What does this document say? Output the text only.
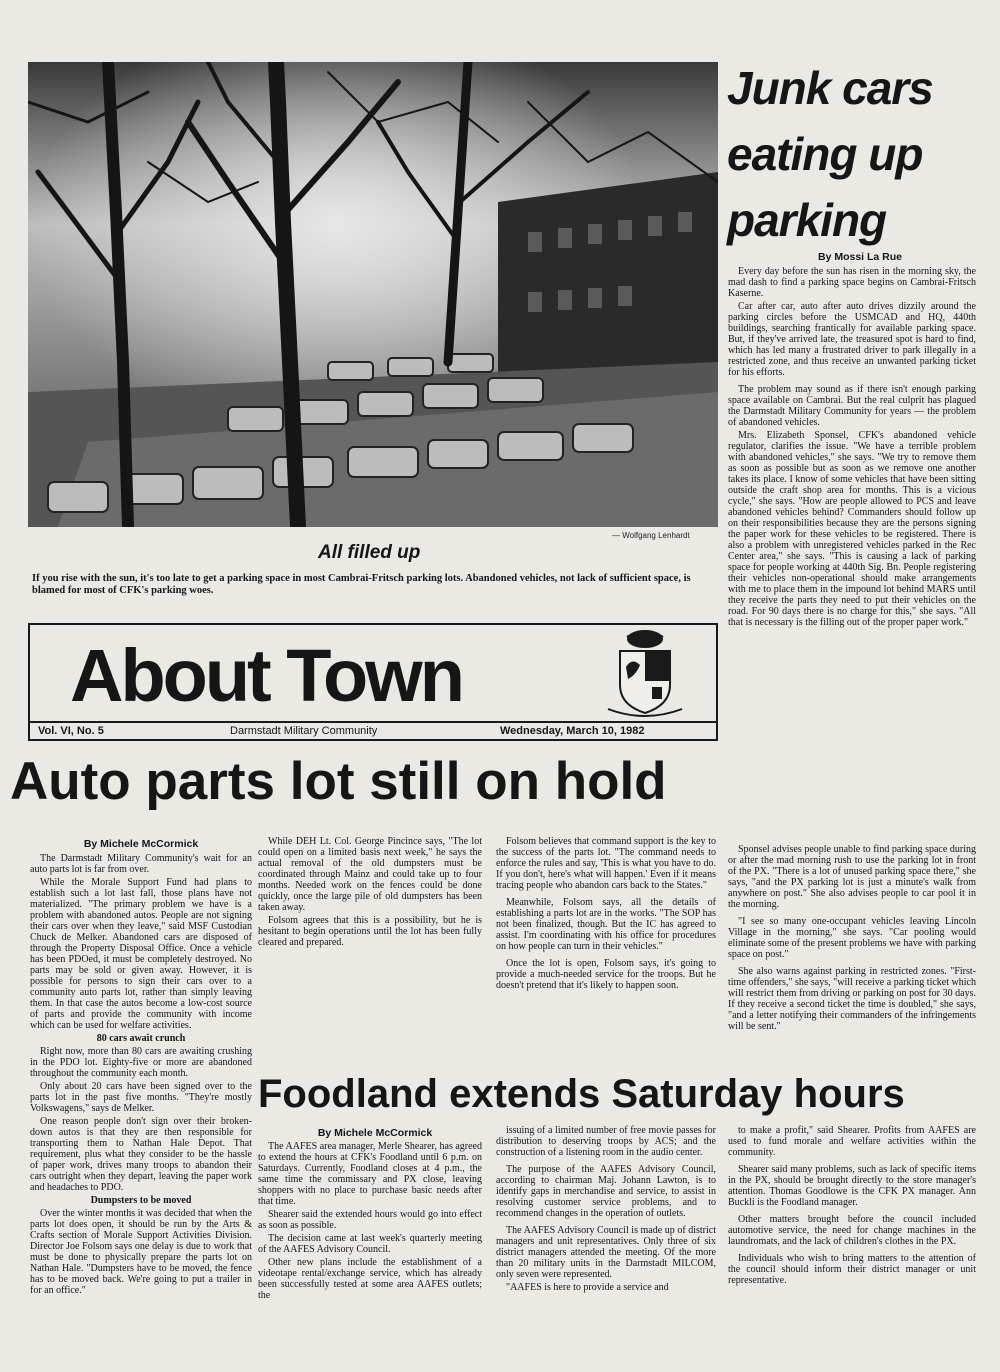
— Wolfgang Lenhardt
All filled up
If you rise with the sun, it's too late to get a parking space in most Cambrai-Fritsch parking lots. Abandoned vehicles, not lack of sufficient space, is blamed for most of CFK's parking woes.
Junk cars
eating up
parking
By Mossi La Rue

Every day before the sun has risen in the morning sky, the mad dash to find a parking space begins on Cambrai-Fritsch Kaserne.

Car after car, auto after auto drives dizzily around the parking circles before the USMCAD and HQ, 440th buildings, searching frantically for available parking space. But, if they've arrived late, the treasured spot is hard to find, which has led many a frustrated driver to park illegally in a restricted zone, and thus receive an unwanted parking ticket for his efforts.

The problem may sound as if there isn't enough parking space available on Cambrai. But the real culprit has plagued the Darmstadt Military Community for years — the problem of abandoned vehicles.

Mrs. Elizabeth Sponsel, CFK's abandoned vehicle regulator, clarifies the issue. "We have a terrible problem with abandoned vehicles," she says. "We try to remove them as soon as possible but as soon as we remove one another takes its place. I know of some vehicles that have been sitting outside the craft shop area for months. This is a vicious cycle," she says. "How are people allowed to PCS and leave abandoned vehicles behind? Commanders should follow up on their responsibilities because they are the persons signing the paper work for these vehicles to be registered. There is also a problem with unregistered vehicles parked in the Rec Center area," she says. "This is causing a lack of parking space for people working at 440th Sig. Bn. People registering their vehicles non-operational should make arrangements with me to place them in the impound lot behind MARS until they receive the parts they need to put their vehicles on the road. For 90 days there is no charge for this," she says. "All that is necessary is the filling out of the proper paper work."

Sponsel advises people unable to find parking space during or after the mad morning rush to use the parking lot in front of the PX. "There is a lot of unused parking space there," she says, "and the PX parking lot is just a minute's walk from anywhere on post." She also advises people to car pool it in the morning.

"I see so many one-occupant vehicles leaving Lincoln Village in the morning," she says. "Car pooling would eliminate some of the present problems we have with parking space on post."

She also warns against parking in restricted zones. "First-time offenders," she says, "will receive a parking ticket which will restrict them from driving or parking on post for 30 days. If they receive a second ticket the time is doubled," she says, "and a letter notifying their commanders of the infringements will be sent."

About Town
Vol. VI, No. 5	Darmstadt Military Community	Wednesday, March 10, 1982
Auto parts lot still on hold
By Michele McCormick

The Darmstadt Military Community's wait for an auto parts lot is far from over.

While the Morale Support Fund had plans to establish such a lot last fall, those plans have not materialized. "The primary problem we have is a problem with abandoned autos. People are not signing their cars over when they leave," said MSF Custodian Chuck de Melker. Abandoned cars are disposed of through the Property Disposal Office. Once a vehicle has been PDOed, it must be completely destroyed. No parts may be sold or given away. However, it is possible for persons to sign their cars over to a community auto parts lot, rather than simply leaving them. In that case the autos become a low-cost source of parts and provide the community with income which can be used for welfare activities.

80 cars await crunch

Right now, more than 80 cars are awaiting crushing in the PDO lot. Eighty-five or more are abandoned throughout the community each month.

Only about 20 cars have been signed over to the parts lot in the past five months. "They're mostly Volkswagens," says de Melker.

One reason people don't sign over their broken-down autos is that they are then responsible for transporting them to Nathan Hale Depot. That requirement, plus what they consider to be the hassle of paper work, drives many troops to abandon their cars outright when they depart, leaving the paper work and headaches to PDO.

Dumpsters to be moved

Over the winter months it was decided that when the parts lot does open, it should be run by the Arts & Crafts section of Morale Support Activities Division. Director Joe Folsom says one delay is due to work that must be done to physically prepare the parts lot on Nathan Hale. "Dumpsters have to be moved, the fence has to be moved back. We're going to put a trailer in for an office."

While DEH Lt. Col. George Pincince says, "The lot could open on a limited basis next week," he says the actual removal of the old dumpsters must be coordinated through Mainz and could take up to four months. Needed work on the fences could be done quickly, once the large pile of old dumpsters has been taken away.

Folsom agrees that this is a possibility, but he is hesitant to begin operations until the lot has been fully cleared and prepared.

Folsom believes that command support is the key to the success of the parts lot. "The command needs to enforce the rules and say, 'This is what you have to do. If you don't, here's what will happen.' Even if it means tracing people who abandon cars back to the States."

Meanwhile, Folsom says, all the details of establishing a parts lot are in the works. "The SOP has not been finalized, though. But the IC has agreed to assist. I'm coordinating with his office for procedures on how people can turn in their vehicles."

Once the lot is open, Folsom says, it's going to provide a much-needed service for the troops. But he doesn't pretend that it's likely to happen soon.

Foodland extends Saturday hours
By Michele McCormick

The AAFES area manager, Merle Shearer, has agreed to extend the hours at CFK's Foodland until 6 p.m. on Saturdays. Currently, Foodland closes at 4 p.m., the same time the commissary and PX close, leaving shoppers with no place to purchase basic needs after that time.

Shearer said the extended hours would go into effect as soon as possible.

The decision came at last week's quarterly meeting of the AAFES Advisory Council.

Other new plans include the establishment of a videotape rental/exchange service, which has already been successfully tested at some area AAFES outlets; the

issuing of a limited number of free movie passes for distribution to deserving troops by ACS; and the construction of a listening room in the audio center.

The purpose of the AAFES Advisory Council, according to chairman Maj. Johann Lawton, is to identify gaps in merchandise and service, to assist in resolving customer service problems, and to recommend changes in the operation of outlets.

The AAFES Advisory Council is made up of district managers and unit representatives. Only three of six district managers attended the meeting. Of the more than 20 military units in the Darmstadt MILCOM, only seven were represented.

"AAFES is here to provide a service and

to make a profit," said Shearer. Profits from AAFES are used to fund morale and welfare activities within the community.

Shearer said many problems, such as lack of specific items in the PX, should be brought directly to the store manager's attention. Thomas Goodlowe is the CFK PX manager. Ann Buckli is the Foodland manager.

Other matters brought before the council included automotive service, the need for change machines in the laundromats, and the lack of children's clothes in the PX.

Individuals who wish to bring matters to the attention of the council should inform their district manager or unit representative.
